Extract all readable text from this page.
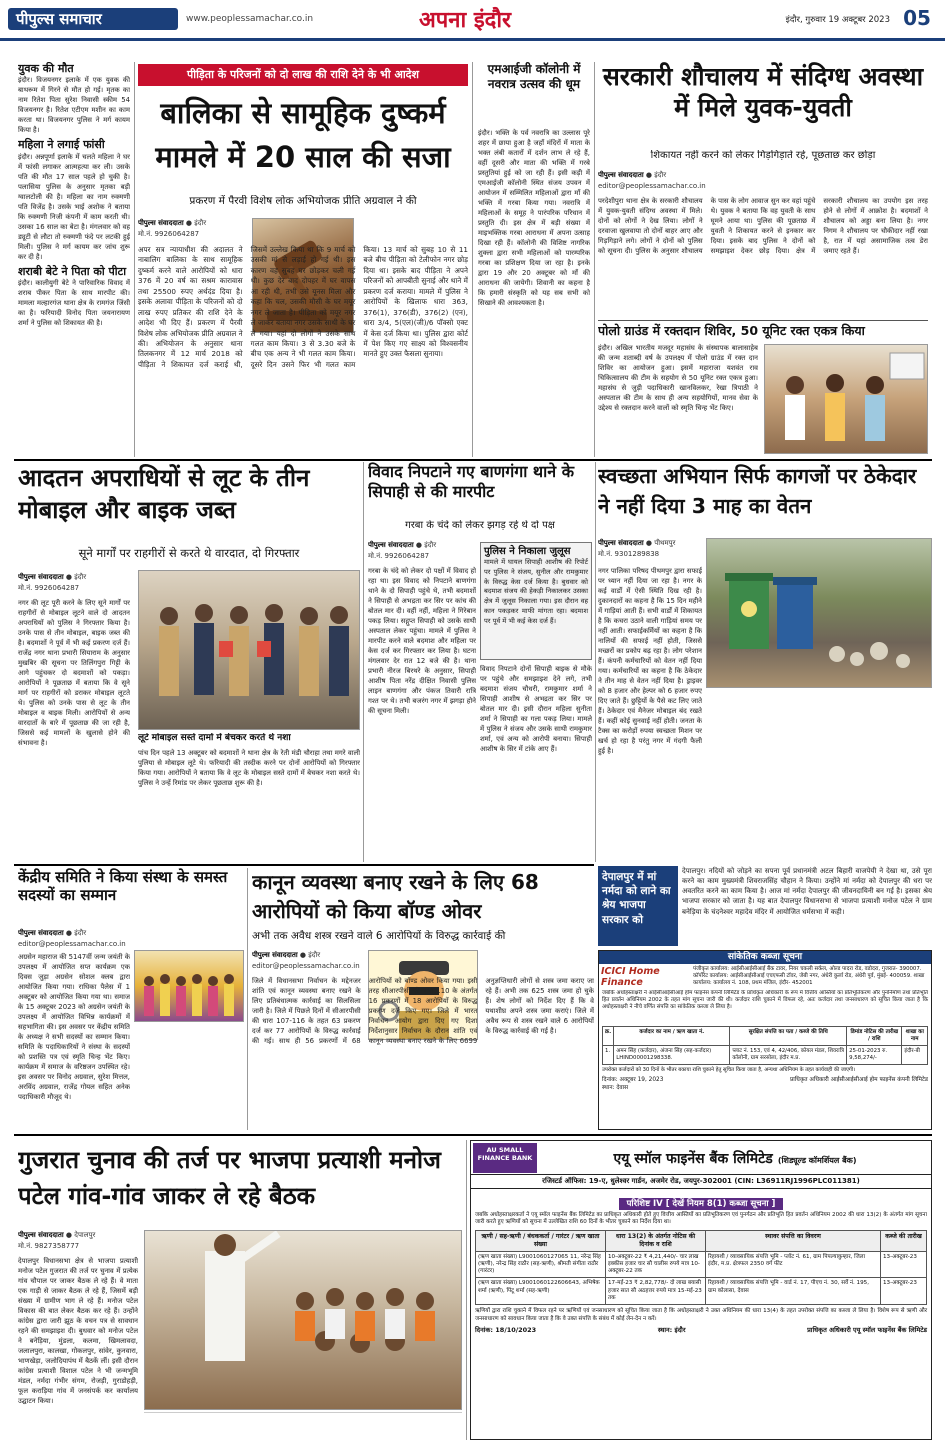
पीपुल्स समाचार	www.peoplessamachar.co.in	अपना इंदौर	इंदौर, गुरुवार 19 अक्टूबर 2023 05
युवक की मौत
इंदौर। विजयनगर इलाके में एक युवक की बाथरूम में गिरने से मौत हो गई। मृतक का नाम रितेश पिता सुरेश निवासी स्कीम 54 विजयनगर है। रितेश एटीएम मशीन का काम करता था। विजयनगर पुलिस ने मर्ग कायम किया है।
महिला ने लगाई फांसी
इंदौर। अन्नपूर्णा इलाके में चलते महिला ने घर में फांसी लगाकर आत्महत्या कर ली। उसके पति की मौत 17 साल पहले हो चुकी है। पलासिया पुलिस के अनुसार मृतका बड़ी ग्वालटोली की है। महिला का नाम रुक्मणी पति विजेंद्र है। उसके भाई अशोक ने बताया कि रुक्मणी निजी कंपनी में काम करती थी। उसका 16 साल का बेटा है। मंगलवार को वह ड्यूटी से लौटा तो रुक्मणी फंदे पर लटकी हुई मिली। पुलिस ने मर्ग कायम कर जांच शुरू कर दी है।
शराबी बेटे ने पिता को पीटा
इंदौर। कालीयुगी बेटे ने पारिवारिक विवाद में शराब पीकर पिता के साथ मारपीट की। मामला मल्हारगंज थाना क्षेत्र के रामगंज जिंसी का है। फरियादी विनोद पिता जयनारायण शर्मा ने पुलिस को शिकायत की है।
पीड़िता के परिजनों को दो लाख की राशि देने के भी आदेश
बालिका से सामूहिक दुष्कर्म मामले में 20 साल की सजा
प्रकरण में पैरवी विशेष लोक अभियोजक प्रीति अग्रवाल ने की
पीपुल्स संवाददाता ● इंदौर
मो.नं. 9926064287
अपर सत्र न्यायाधीश की अदालत ने नाबालिग बालिका के साथ सामूहिक दुष्कर्म करने वाले आरोपियों को धारा 376 में 20 वर्ष का सश्रम कारावास तथा 25500 रुपए अर्थदंड दिया है। इसके अलावा पीड़िता के परिजनों को दो लाख रुपए प्रतिकर की राशि देने के आदेश भी दिए हैं। प्रकरण में पैरवी विशेष लोक अभियोजक प्रीति अग्रवाल ने की। अभियोजन के अनुसार थाना तिलकनगर में 12 मार्च 2018 को पीड़िता ने शिकायत दर्ज कराई थी, जिसमें उल्लेख किया था कि 9 मार्च को उसकी मां से लड़ाई हो गई थी। इस कारण वह सुबह घर छोड़कर चली गई थी। कुछ देर बाद दोपहर में घर वापस आ रही थी, तभी उसे यूनस मिला और कहा कि चल, उसकी मौसी के घर मयूर नगर ले जाता है। पीड़िता को मयूर नगर ले जाकर बताया नगर उसके साथी के घर ले गया। यहां दो लोगों ने उसके साथ गलत काम किया। 3 से 3.30 बजे के बीच एक अन्य ने भी गलत काम किया। दूसरे दिन उसने फिर भी गलत काम किया। 13 मार्च को सुबह 10 से 11 बजे बीच पीड़िता को टेलीफोन नगर छोड़ दिया था। इसके बाद पीड़िता ने अपने परिजनों को आपबीती सुनाई और थाने में प्रकरण दर्ज कराया। मामले में पुलिस ने आरोपियों के खिलाफ धारा 363, 376(1), 376(डी), 376(2) (एन), धारा 3/4, 5(एल)(जी)/6 पॉक्सो एक्ट में केस दर्ज किया था। पुलिस द्वारा कोर्ट में पेश किए गए साक्ष्य को विश्वसनीय मानते हुए उक्त फैसला सुनाया।
एमआईजी कॉलोनी में नवरात्र उत्सव की धूम
इंदौर। भक्ति के पर्व नवरात्रि का उल्लास पूरे शहर में छाया हुआ है जहाँ मंदिरों में माता के भक्त लंबी कतारों में दर्शन लाभ ले रहे हैं, वहीं दूसरी और माता की भक्ति में गरबे प्रस्तुतियां हुई को जा रही हैं। इसी कड़ी में एमआईजी कॉलोनी स्थित संजय उपवन में आयोजन में सम्मिलित महिलाओं द्वारा माँ की भक्ति में गरबा किया गया। नवरात्रि में महिलाओं के समूह ने पारंपरिक परिधान में प्रस्तुति दी। इस क्षेत्र में बड़ी संख्या में माइभक्तिक गरबा आराधना में अपना उत्साह दिखा रही हैं। कॉलोनी की विशिष्ट नागरिक शुक्ला द्वारा सभी महिलाओं को पारम्परिक गरबा का प्रशिक्षण दिया जा रहा है। इनके द्वारा 19 और 20 अक्टूबर को माँ की आराधना की जायेगी। शिवानी का कहना है कि हमारी संस्कृति को यह सब सभी को सिखाने की आवश्यकता है।
सरकारी शौचालय में संदिग्ध अवस्था में मिले युवक-युवती
शिकायत नहीं करने को लेकर गिड़गिड़ाते रहे, पूछताछ कर छोड़ा
पीपुल्स संवाददाता ● इंदौर
editor@peoplessamachar.co.in
परदेशीपुरा थाना क्षेत्र के सरकारी शौचालय में युवक-युवती संदिग्ध अवस्था में मिले। दोनों को लोगों ने देख लिया। लोगों ने दरवाजा खुलवाया तो दोनों बाहर आए और गिड़गिड़ाने लगे। लोगों ने दोनों को पुलिस को सूचना दी। पुलिस के अनुसार शौचालय के पास के लोग आवाज सुन कर वहां पहुंचे थे। युवक ने बताया कि वह युवती के साथ घूमने आया था। पुलिस की पूछताछ में युवती ने शिकायत करने से इनकार कर दिया। इसके बाद पुलिस ने दोनों को समझाइश देकर छोड़ दिया। क्षेत्र में सरकारी शौचालय का उपयोग इस तरह होने से लोगों में आक्रोश है। बदमाशों ने शौचालय को अड्डा बना लिया है। नगर निगम ने शौचालय पर चौकीदार नहीं रखा है, रात में यहां असामाजिक तत्व डेरा जमाए रहते हैं।
पोलो ग्राउंड में रक्तदान शिविर, 50 यूनिट रक्त एकत्र किया
इंदौर। अखिल भारतीय मजदूर महासंघ के संस्थापक बालासाहेब की जन्म शताब्दी वर्ष के उपलक्ष्य में पोलो ग्राउंड में रक्त दान शिविर का आयोजन हुआ। इसमें महाराजा यशवंत राव चिकित्सालय की टीम के सहयोग से 50 यूनिट रक्त एकत्र हुआ। महासंघ से जुड़ी पदाधिकारी खानविलकर, रेखा त्रिपाठी ने अस्पताल की टीम के साथ ही अन्य सहयोगियों, मानव सेवा के उद्देश्य से रक्तदान करने वालों को स्मृति चिन्ह भेंट किए।
आदतन अपराधियों से लूट के तीन मोबाइल और बाइक जब्त
सूने मार्गों पर राहगीरों से करते थे वारदात, दो गिरफ्तार
पीपुल्स संवाददाता ● इंदौर
मो.नं. 9926064287
नगर की लूट पूरी करने के लिए सूने मार्गों पर राहगीरों से मोबाइल लूटने वाले दो आदतन अपराधियों को पुलिस ने गिरफ्तार किया है। उनके पास से तीन मोबाइल, बाइक जब्त की है। बदमाशों ने पूर्व में भी कई प्रकरण दर्ज हैं। राजेंद्र नगर थाना प्रभारी सियाराम के अनुसार मुखबिर की सूचना पर तिलिंगपुरा गिट्टी के आगे पहुंचकर दो बदमाशों को पकड़ा। आरोपियों ने पूछताछ में बताया कि वे सूने मार्ग पर राहगीरों को डराकर मोबाइल लूटते थे। पुलिस को उनके पास से लूट के तीन मोबाइल व बाइक मिली। आरोपियों से अन्य वारदातों के बारे में पूछताछ की जा रही है, जिससे कई मामलों के खुलासे होने की संभावना है।	लूटे मोबाइल सस्ते दामों में बेचकर करते थे नशा
पांच दिन पहले 13 अक्टूबर को बदमाशों ने थाना क्षेत्र के रेती मंडी चौराहा तथा मगरे वाली पुलिया से मोबाइल लूटे थे। फरियादी की तस्दीक करने पर दोनों आरोपियों को गिरफ्तार किया गया। आरोपियों ने बताया कि वे लूट के मोबाइल सस्ते दामों में बेचकर नशा करते थे। पुलिस ने उन्हें रिमांड पर लेकर पूछताछ शुरू की है।
विवाद निपटाने गए बाणगंगा थाने के सिपाही से की मारपीट
गरबा के चंदे को लेकर झगड़ रहे थे दो पक्ष
पीपुल्स संवाददाता ● इंदौर
मो.नं. 9926064287
गरबा के चंदे को लेकर दो पक्षों में विवाद हो रहा था। इस विवाद को निपटाने बाणगंगा थाने के दो सिपाही पहुंचे थे, तभी बदमाशों ने सिपाही से अभद्रता कर सिर पर कांच की बोतल मार दी। वहीं नहीं, महिला ने गिरेबान पकड़ लिया। सद्गुप्त सिपाही को उसके साथी अस्पताल लेकर पहुंचा। मामले में पुलिस ने मारपीट करने वाले बदमाश और महिला पर केस दर्ज कर गिरफ्तार कर लिया है। घटना मंगलवार देर रात 12 बजे की है। थाना प्रभारी नीरज बिरथरे के अनुसार, सिपाही आशीष पिता नरेंद्र दीक्षित निवासी पुलिस लाइन बाणगंगा और पंकज तिवारी रात्रि गश्त पर थे। तभी बजरंग नगर में झगड़ा होने की सूचना मिली।
पुलिस ने निकाला जुलूस
मामले में घायल सिपाही आशीष की रिपोर्ट पर पुलिस ने संजय, सुनील और रामकुमार के विरुद्ध केस दर्ज किया है। बुधवार को बदमाश संजय की हेकड़ी निकालकर उसका क्षेत्र में जुलूस निकाला गया। इस दौरान वह कान पकड़कर माफी मांगता रहा। बदमाश पर पूर्व में भी कई केस दर्ज हैं।
विवाद निपटाने दोनों सिपाही बाइक से मौके पर पहुंचे और समझाइश देने लगे, तभी बदमाश संजय चौधरी, रामकुमार शर्मा ने सिपाही आशीष से अभद्रता कर सिर पर बोतल मार दी। इसी दौरान महिला सुनीता शर्मा ने सिपाही का गला पकड़ लिया। मामले में पुलिस ने संजय और उसके साथी रामकुमार शर्मा, एवं अन्य को आरोपी बनाया। सिपाही आशीष के सिर में टांके आए हैं।
स्वच्छता अभियान सिर्फ कागजों पर ठेकेदार ने नहीं दिया 3 माह का वेतन
पीपुल्स संवाददाता ● पीथमपुर
मो.नं. 9301289838
नगर पालिका परिषद पीथमपुर द्वारा सफाई पर ध्यान नहीं दिया जा रहा है। नगर के कई वार्डों में ऐसी स्थिति दिख रही है। दुकानदारों का कहना है कि 15 दिन महीने में गाड़ियां आती हैं। सभी वार्डों में शिकायत है कि कचरा उठाने वाली गाड़ियां समय पर नहीं आती। सफाईकर्मियों का कहना है कि नालियों की सफाई नहीं होती, जिससे मच्छरों का प्रकोप बढ़ रहा है। लोग परेशान हैं। कंपनी कर्मचारियों को वेतन नहीं दिया गया। कर्मचारियों का कहना है कि ठेकेदार ने तीन माह से वेतन नहीं दिया है। ड्राइवर को 8 हजार और हेल्पर को 6 हजार रुपए दिए जाते हैं। छुट्टियों के पैसे कट लिए जाते हैं। ठेकेदार एवं मैनेजर मोबाइल बंद रखते हैं। कहीं कोई सुनवाई नहीं होती। जनता के टैक्स का करोड़ों रुपया स्वच्छता मिशन पर खर्च हो रहा है परंतु नगर में गंदगी फैली हुई है।
देपालपुर में मां नर्मदा को लाने का श्रेय भाजपा सरकार को
देपालपुर। नदियों को जोड़ने का सपना पूर्व प्रधानमंत्री अटल बिहारी वाजपेयी ने देखा था, उसे पूरा करने का काम मुख्यमंत्री शिवराजसिंह चौहान ने किया। उन्होंने मां नर्मदा को देपालपुर की धरा पर अवतरित करने का काम किया है। आज मां नर्मदा देपालपुर की जीवनदायिनी बन गई है। इसका श्रेय भाजपा सरकार को जाता है। यह बात देपालपुर विधानसभा से भाजपा प्रत्याशी मनोज पटेल ने ग्राम बनेड़िया के चंदनेश्वर महादेव मंदिर में आयोजित धर्मसभा में कही।
केंद्रीय समिति ने किया संस्था के समस्त सदस्यों का सम्मान
पीपुल्स संवाददाता ● इंदौर
editor@peoplessamachar.co.in
अग्रसेन महाराज की 5147वीं जन्म जयंती के उपलक्ष्य में आयोजित सप्त कार्यक्रम एक दिवस जुड़ा अग्रसेन सोशल क्लब द्वारा आयोजित किया गया। राधिका पैलेस में 1 अक्टूबर को आयोजित किया गया था। समाज के 15 अक्टूबर 2023 को अग्रसेन जयंती के उपलक्ष्य में आयोजित विभिन्न कार्यक्रमों में सहभागिता की। इस अवसर पर केंद्रीय समिति के अध्यक्ष ने सभी सदस्यों का सम्मान किया। समिति के पदाधिकारियों ने संस्था के सदस्यों को प्रशस्ति पत्र एवं स्मृति चिन्ह भेंट किए। कार्यक्रम में समाज के वरिष्ठजन उपस्थित रहे। इस अवसर पर विनोद अग्रवाल, सुरेश मित्तल, अरविंद अग्रवाल, राजेंद्र गोयल सहित अनेक पदाधिकारी मौजूद थे।
कानून व्यवस्था बनाए रखने के लिए 68 आरोपियों को किया बॉण्ड ओवर
अभी तक अवैध शस्त्र रखने वाले 6 आरोपियों के विरुद्ध कार्रवाई की
पीपुल्स संवाददाता ● इंदौर
editor@peoplessamachar.co.in
जिले में विधानसभा निर्वाचन के मद्देनजर शांति एवं कानून व्यवस्था बनाए रखने के लिए प्रतिबंधात्मक कार्रवाई का सिलसिला जारी है। जिले में पिछले दिनों में सीआरपीसी की धारा 107-116 के तहत 63 प्रकरण दर्ज कर 77 आरोपियों के विरुद्ध कार्रवाई की गई। साथ ही 56 प्रकरणों में 68 आरोपियों को बॉण्ड ओवर किया गया। इसी तरह सीआरपीसी की धारा 110 के अंतर्गत 16 प्रकरणों में 18 आरोपियों के विरुद्ध प्रकरण दर्ज किए गए। जिले में भारत निर्वाचन आयोग द्वारा दिए गए दिशा निर्देशानुसार निर्वाचन के दौरान शांति एवं कानून व्यवस्था बनाए रखने के लिए 6699 अनुज्ञप्तिधारी लोगों से शस्त्र जमा कराए जा रहे हैं। अभी तक 625 शस्त्र जमा हो चुके हैं। शेष लोगों को निर्देश दिए हैं कि वे यथाशीघ्र अपने शस्त्र जमा कराएं। जिले में अवैध रूप से शस्त्र रखने वाले 6 आरोपियों के विरुद्ध कार्रवाई की गई है।
सांकेतिक कब्जा सूचना
ICICI Home Finance
पंजीकृत कार्यालय: आईसीआईसीआई बैंक टावर, नियर चकली सर्कल, ओल्ड पादरा रोड, वडोदरा, गुजरात- 390007. कॉर्पोरेट कार्यालय: आईसीआईसीआई एचएफसी टॉवर, जेबी नगर, अंधेरी कुर्ला रोड, अंधेरी पूर्व, मुंबई- 400059. शाखा कार्यालय: कार्यालय नं. 108, प्रथम मंजिल, इंदौर- 452001
जबकि अधोहस्ताक्षरी ने आईसीआईसीआई होम फाइनेंस कंपनी लिमिटेड के प्राधिकृत अधिकारी के रूप में वित्तीय आस्तियों का प्रतिभूतिकरण और पुनर्निर्माण तथा प्रतिभूति हित प्रवर्तन अधिनियम 2002 के तहत मांग सूचना जारी की थी। कर्जदार राशि चुकाने में विफल रहे, अतः कर्जदार तथा जनसाधारण को सूचित किया जाता है कि अधोहस्ताक्षरी ने नीचे वर्णित संपत्ति का सांकेतिक कब्जा ले लिया है।
क्र.	कर्जदार का नाम / ऋण खाता नं.	सुरक्षित संपत्ति का पता / कब्जे की तिथि	डिमांड नोटिस की तारीख / राशि	शाखा का नाम
1.	अमन सिंह (कर्जदार), अंजना सिंह (सह-कर्जदार) LHIND00001298338.	प्लाट नं. 153, एवं 4, 42/406, कोयल मंडल, शिवरात्रि कॉलोनी, ग्राम सरसोला, इंदौर म.प्र.	25-01-2023 रु. 9,58,274/-	इंदौर-बी
उपरोक्त कर्जदारों को 30 दिनों के भीतर बकाया राशि चुकाने हेतु सूचित किया जाता है, अन्यथा अधिनियम के तहत कार्यवाही की जाएगी।
दिनांक: अक्टूबर 19, 2023
स्थान: देवास
प्राधिकृत अधिकारी आईसीआईसीआई होम फाइनेंस कंपनी लिमिटेड
गुजरात चुनाव की तर्ज पर भाजपा प्रत्याशी मनोज पटेल गांव-गांव जाकर ले रहे बैठक
पीपुल्स संवाददाता ● देपालपुर
मो.नं. 9827358777
देपालपुर विधानसभा क्षेत्र से भाजपा प्रत्याशी मनोज पटेल गुजरात की तर्ज पर चुनाव में प्रत्येक गांव चौपाल पर जाकर बैठक ले रहे हैं। वे माता एक गाड़ी से जाकर बैठक ले रहे हैं, जिसमें बड़ी संख्या में ग्रामीण भाग ले रहे हैं। मनोज पटेल विकास की बात लेकर बैठक कर रहे हैं। उन्होंने कांग्रेस द्वारा जारी झूठ के वचन पत्र से सावधान रहने की समझाइश दी। बुधवार को मनोज पटेल ने बनेड़िया, मुंडला, कलमा, खिमलावदा, जलालपुरा, कालखा, गोकलपुर, सांवेर, कुनवारा, भाणखेड़ा, जलोदियापंथ में बैठकें लीं। इसी दौरान कांग्रेस प्रत्याशी विशाल पटेल ने भी जन्मभूमि मंडल, नर्मदा गंभीर संगम, रोजड़ी, गुराडोहड़ी, फूल कराड़िया गांव में जनसंपर्क कर कार्यालय उद्घाटन किया।
AU SMALL FINANCE BANK	एयू स्मॉल फाइनेंस बैंक लिमिटेड (शिड्यूल्ड कॉमर्शियल बैंक)
रजिस्टर्ड ऑफिस: 19-ए, धुलेश्वर गार्डन, अजमेर रोड, जयपुर-302001 (CIN: L36911RJ1996PLC011381)
परिशिष्ट IV [ देखें नियम 8(1) कब्जा सूचना ]
जबकि अधोहस्ताक्षरकर्ता ने एयू स्मॉल फाइनेंस बैंक लिमिटेड का प्राधिकृत अधिकारी होते हुए वित्तीय आस्तियों का प्रतिभूतिकरण एवं पुनर्गठन और प्रतिभूति हित प्रवर्तन अधिनियम 2002 की धारा 13(2) के अंतर्गत मांग सूचना जारी करते हुए ऋणियों को सूचना में उल्लेखित राशि 60 दिनों के भीतर चुकाने का निर्देश दिया था।
ऋणी / सह-ऋणी / बंधककर्ता / गारंटर / ऋण खाता संख्या	धारा 13(2) के अंतर्गत नोटिस की दिनांक व राशि	स्थावर संपत्ति का विवरण	कब्जे की तारीख
(ऋण खाता संख्या) L9001060127065 11, नरेन्द्र सिंह (ऋणी), नरेन्द्र सिंह राठौर (सह-ऋणी), श्रीमती संगीता राठौर (गारंटर)	10-अक्टूबर-22 ₹ 4,21,440/- चार लाख इक्कीस हजार चार सौ चालीस रुपये मात्र 10-अक्टूबर-22 तक	रिहायशी / व्यावसायिक संपत्ति भूमि - प्लॉट नं. 61, ग्राम पिपल्याकुम्हार, जिला इंदौर, म.प्र. क्षेत्रफल 2350 वर्ग फीट	13-अक्टूबर-23
(ऋण खाता संख्या) L9001060122606643, अभिषेक शर्मा (ऋणी), पिंटू शर्मा (सह-ऋणी)	17-मई-23 ₹ 2,82,778/- दो लाख बयासी हजार सात सौ अठहत्तर रुपये मात्र 15-मई-23 तक	रिहायशी / व्यावसायिक संपत्ति भूमि - वार्ड नं. 17, पीएच नं. 30, सर्वे नं. 195, ग्राम कोलासा, देवास	13-अक्टूबर-23
ऋणियों द्वारा राशि चुकाने में विफल रहने पर ऋणियों एवं जनसाधारण को सूचित किया जाता है कि अधोहस्ताक्षरी ने उक्त अधिनियम की धारा 13(4) के तहत उपरोक्त संपत्ति का कब्जा ले लिया है। विशेष रूप से ऋणी और जनसाधारण को सावधान किया जाता है कि वे उक्त संपत्ति के संबंध में कोई लेन-देन न करें।
दिनांक: 18/10/2023	स्थान: इंदौर	प्राधिकृत अधिकारी एयू स्मॉल फाइनेंस बैंक लिमिटेड
